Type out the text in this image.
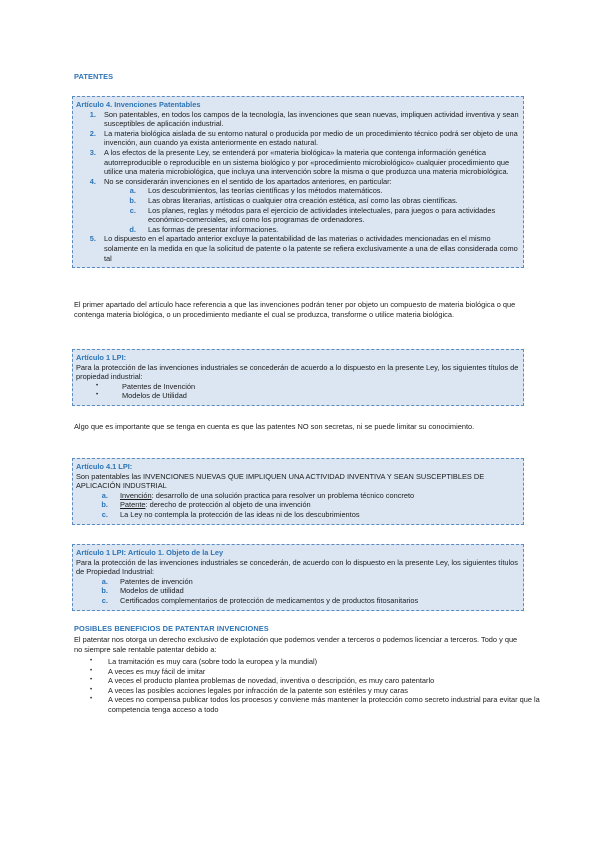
PATENTES
Artículo 4. Invenciones Patentables
1. Son patentables, en todos los campos de la tecnología, las invenciones que sean nuevas, impliquen actividad inventiva y sean susceptibles de aplicación industrial.
2. La materia biológica aislada de su entorno natural o producida por medio de un procedimiento técnico podrá ser objeto de una invención, aun cuando ya exista anteriormente en estado natural.
3. A los efectos de la presente Ley, se entenderá por «materia biológica» la materia que contenga información genética autorreproducible o reproducible en un sistema biológico y por «procedimiento microbiológico» cualquier procedimiento que utilice una materia microbiológica, que incluya una intervención sobre la misma o que produzca una materia microbiológica.
4. No se considerarán invenciones en el sentido de los apartados anteriores, en particular:
a. Los descubrimientos, las teorías científicas y los métodos matemáticos.
b. Las obras literarias, artísticas o cualquier otra creación estética, así como las obras científicas.
c. Los planes, reglas y métodos para el ejercicio de actividades intelectuales, para juegos o para actividades económico-comerciales, así como los programas de ordenadores.
d. Las formas de presentar informaciones.
5. Lo dispuesto en el apartado anterior excluye la patentabilidad de las materias o actividades mencionadas en el mismo solamente en la medida en que la solicitud de patente o la patente se refiera exclusivamente a una de ellas considerada como tal

El primer apartado del artículo hace referencia a que las invenciones podrán tener por objeto un compuesto de materia biológica o que contenga materia biológica, o un procedimiento mediante el cual se produzca, transforme o utilice materia biológica.

Artículo 1 LPI:
Para la protección de las invenciones industriales se concederán de acuerdo a lo dispuesto en la presente Ley, los siguientes títulos de propiedad industrial:
• Patentes de Invención
• Modelos de Utilidad

Algo que es importante que se tenga en cuenta es que las patentes NO son secretas, ni se puede limitar su conocimiento.

Artículo 4.1 LPI:
Son patentables las INVENCIONES NUEVAS QUE IMPLIQUEN UNA ACTIVIDAD INVENTIVA Y SEAN SUSCEPTIBLES DE APLICACIÓN INDUSTRIAL
a. Invención: desarrollo de una solución practica para resolver un problema técnico concreto
b. Patente: derecho de protección al objeto de una invención
c. La Ley no contempla la protección de las ideas ni de los descubrimientos
Artículo 1 LPI: Artículo 1. Objeto de la Ley
Para la protección de las invenciones industriales se concederán, de acuerdo con lo dispuesto en la presente Ley, los siguientes títulos de Propiedad Industrial:
a. Patentes de invención
b. Modelos de utilidad
c. Certificados complementarios de protección de medicamentos y de productos fitosanitarios
POSIBLES BENEFICIOS DE PATENTAR INVENCIONES

El patentar nos otorga un derecho exclusivo de explotación que podemos vender a terceros o podemos licenciar a terceros. Todo y que no siempre sale rentable patentar debido a:

• La tramitación es muy cara (sobre todo la europea y la mundial)
• A veces es muy fácil de imitar
• A veces el producto plantea problemas de novedad, inventiva o descripción, es muy caro patentarlo
• A veces las posibles acciones legales por infracción de la patente son estériles y muy caras
• A veces no compensa publicar todos los procesos y conviene más mantener la protección como secreto industrial para evitar que la competencia tenga acceso a todo
